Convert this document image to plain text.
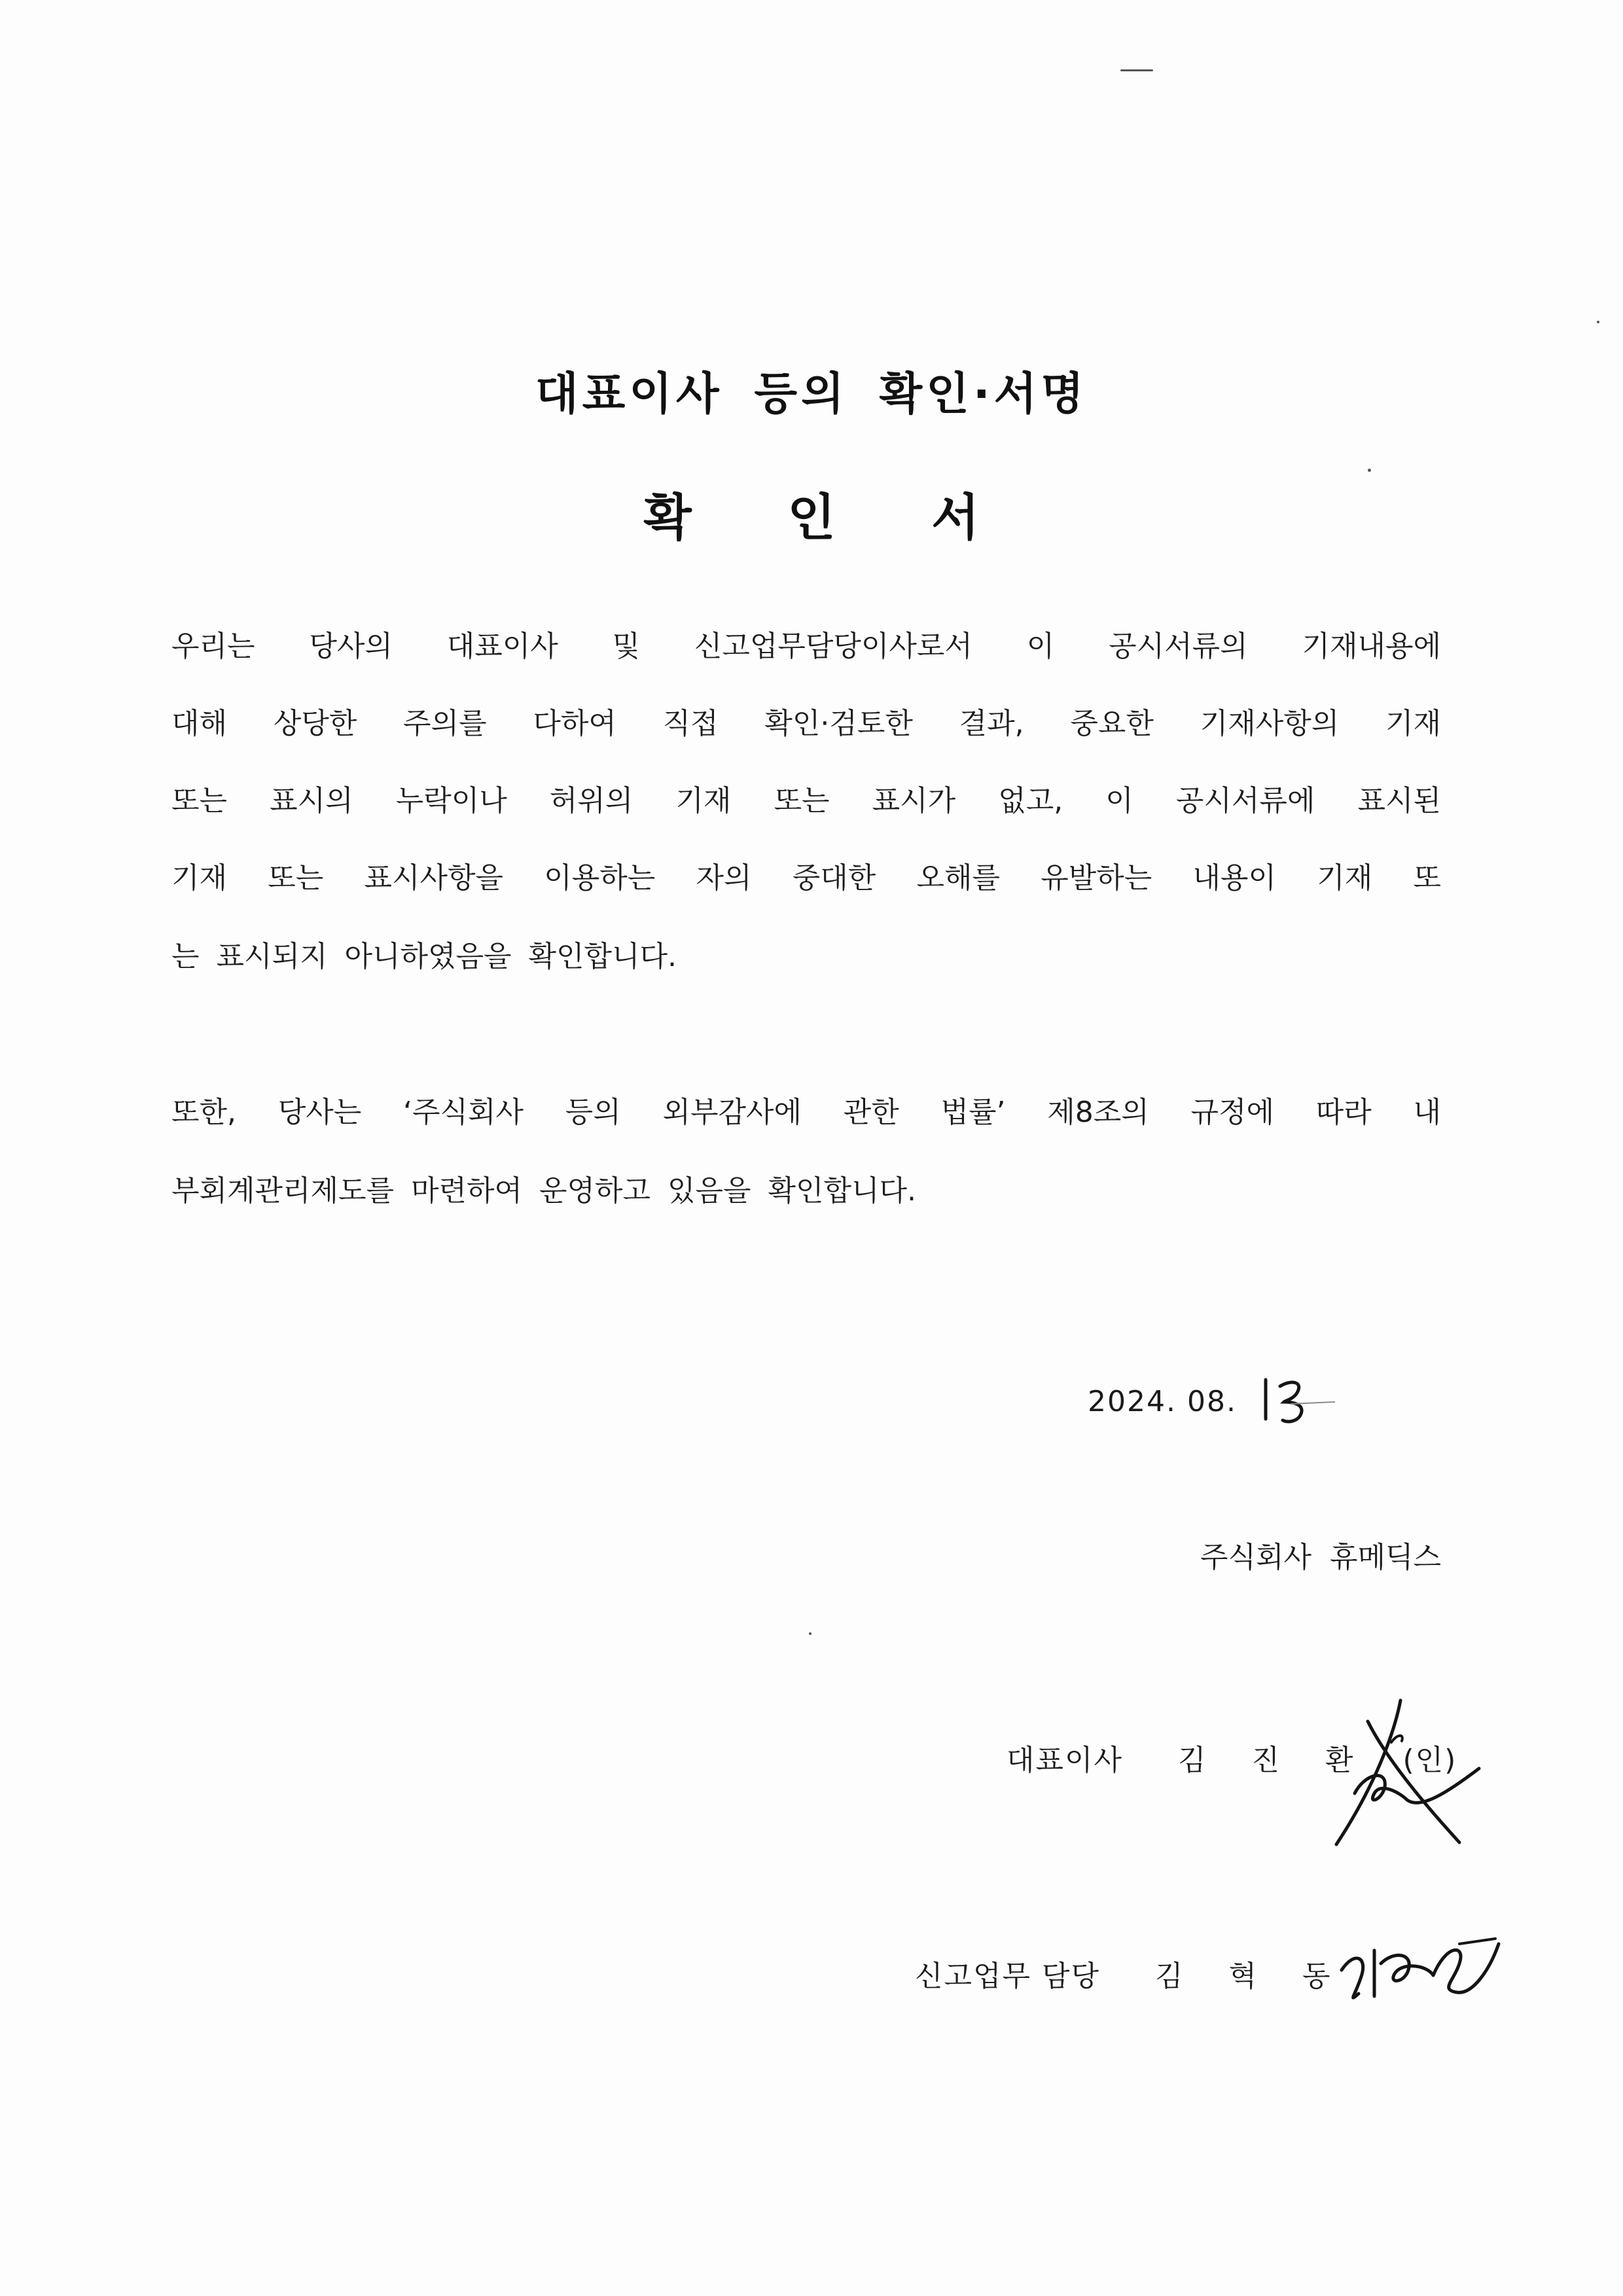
대표이사 등의 확인·서명
확 인 서
우리는 당사의 대표이사 및 신고업무담당이사로서 이 공시서류의 기재내용에
대해 상당한 주의를 다하여 직접 확인·검토한 결과, 중요한 기재사항의 기재
또는 표시의 누락이나 허위의 기재 또는 표시가 없고, 이 공시서류에 표시된
기재 또는 표시사항을 이용하는 자의 중대한 오해를 유발하는 내용이 기재 또
는 표시되지 아니하였음을 확인합니다.
또한, 당사는 ‘주식회사 등의 외부감사에 관한 법률’ 제8조의 규정에 따라 내
부회계관리제도를 마련하여 운영하고 있음을 확인합니다.
2024. 08.
주식회사 휴메딕스
대표이사 김 진 환 (인)
신고업무 담당 김 혁 동
